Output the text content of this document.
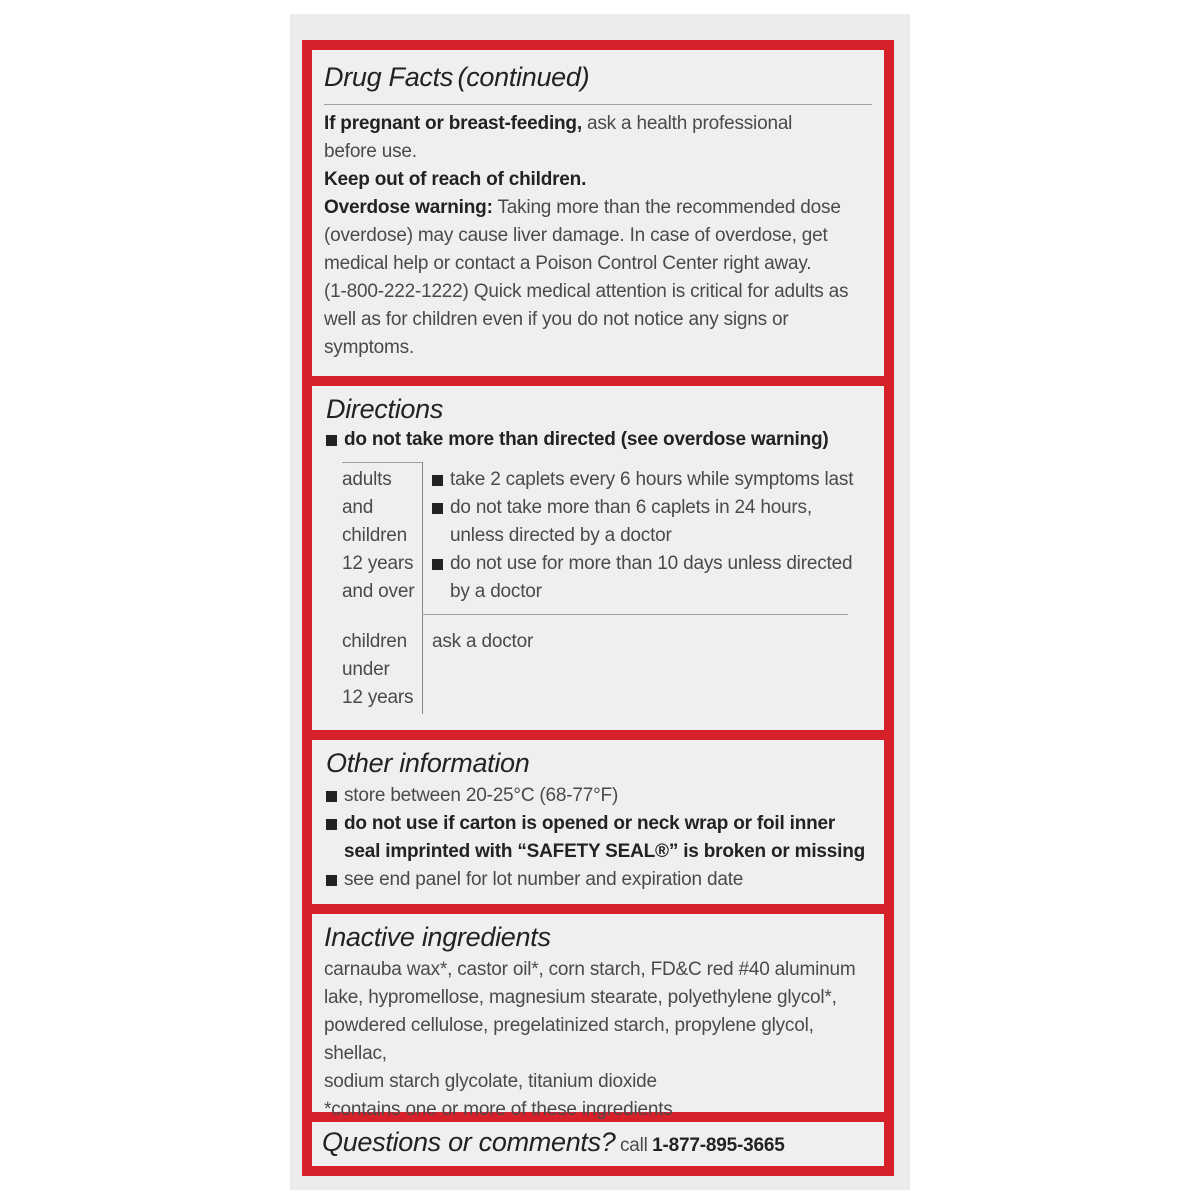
Drug Facts (continued)
If pregnant or breast-feeding, ask a health professional
before use.
Keep out of reach of children.
Overdose warning: Taking more than the recommended dose
(overdose) may cause liver damage. In case of overdose, get
medical help or contact a Poison Control Center right away.
(1-800-222-1222) Quick medical attention is critical for adults as
well as for children even if you do not notice any signs or
symptoms.
Directions
do not take more than directed (see overdose warning)
adults
and
children
12 years
and over
take 2 caplets every 6 hours while symptoms last
do not take more than 6 caplets in 24 hours,
unless directed by a doctor
do not use for more than 10 days unless directed
by a doctor
children
under
12 years
ask a doctor
Other information
store between 20-25°C (68-77°F)
do not use if carton is opened or neck wrap or foil inner
seal imprinted with “SAFETY SEAL®” is broken or missing
see end panel for lot number and expiration date
Inactive ingredients
carnauba wax*, castor oil*, corn starch, FD&C red #40 aluminum
lake, hypromellose, magnesium stearate, polyethylene glycol*,
powdered cellulose, pregelatinized starch, propylene glycol, shellac,
sodium starch glycolate, titanium dioxide
*contains one or more of these ingredients
Questions or comments? call 1-877-895-3665
